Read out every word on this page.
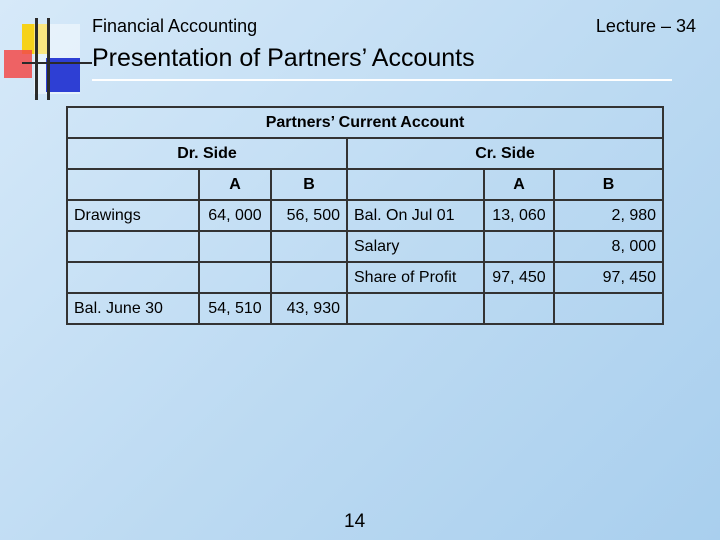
Financial Accounting	Lecture – 34
Presentation of Partners’ Accounts
Partners’ Current Account					
Dr. Side			Cr. Side		
	A	B		A	B
Drawings	64, 000	56, 500	Bal. On Jul 01	13, 060	2, 980
			Salary		8, 000
			Share of Profit	97, 450	97, 450
Bal. June 30	54, 510	43, 930			
14
